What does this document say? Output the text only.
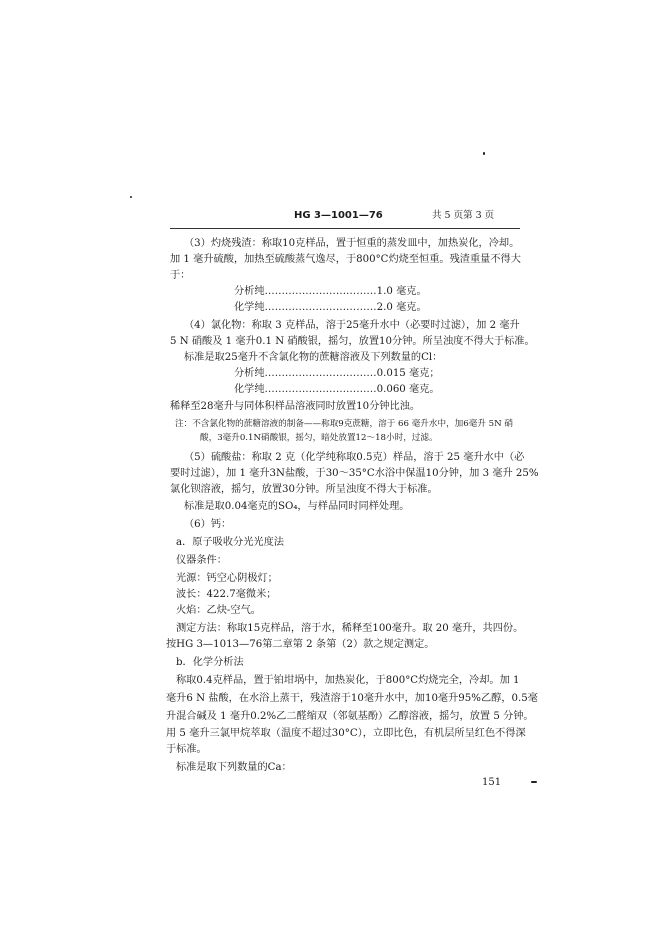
HG 3—1001—76	共 5 页第 3 页
（3）灼烧残渣：称取10克样品，置于恒重的蒸发皿中，加热炭化，冷却。
加 1 毫升硫酸，加热至硫酸蒸气逸尽，于800°C灼烧至恒重。残渣重量不得大
于：
分析纯……………………………1.0 毫克。
化学纯……………………………2.0 毫克。
（4）氯化物：称取 3 克样品，溶于25毫升水中（必要时过滤），加 2 毫升
5 N 硝酸及 1 毫升0.1 N 硝酸银，摇匀，放置10分钟。所呈浊度不得大于标准。
标准是取25毫升不含氯化物的蔗糖溶液及下列数量的Cl：
分析纯……………………………0.015 毫克；
化学纯……………………………0.060 毫克。
稀释至28毫升与同体积样品溶液同时放置10分钟比浊。
注：不含氯化物的蔗糖溶液的制备——称取9克蔗糖，溶于 66 毫升水中，加6毫升 5N 硝
酸，3毫升0.1N硝酸银，摇匀，暗处放置12～18小时，过滤。
（5）硫酸盐：称取 2 克（化学纯称取0.5克）样品，溶于 25 毫升水中（必
要时过滤），加 1 毫升3N盐酸，于30～35°C水浴中保温10分钟，加 3 毫升 25%
氯化钡溶液，摇匀，放置30分钟。所呈浊度不得大于标准。
标准是取0.04毫克的SO₄，与样品同时同样处理。
（6）钙：
a．原子吸收分光光度法
仪器条件：
光源：钙空心阴极灯；
波长：422.7毫微米；
火焰：乙炔-空气。
测定方法：称取15克样品，溶于水，稀释至100毫升。取 20 毫升，共四份。
按HG 3—1013—76第二章第 2 条第（2）款之规定测定。
b．化学分析法
称取0.4克样品，置于铂坩埚中，加热炭化，于800°C灼烧完全，冷却。加 1
毫升6 N 盐酸，在水浴上蒸干，残渣溶于10毫升水中，加10毫升95%乙醇，0.5毫
升混合碱及 1 毫升0.2%乙二醛缩双（邻氨基酚）乙醇溶液，摇匀，放置 5 分钟。
用 5 毫升三氯甲烷萃取（温度不超过30°C），立即比色，有机层所呈红色不得深
于标准。
标准是取下列数量的Ca：
151
